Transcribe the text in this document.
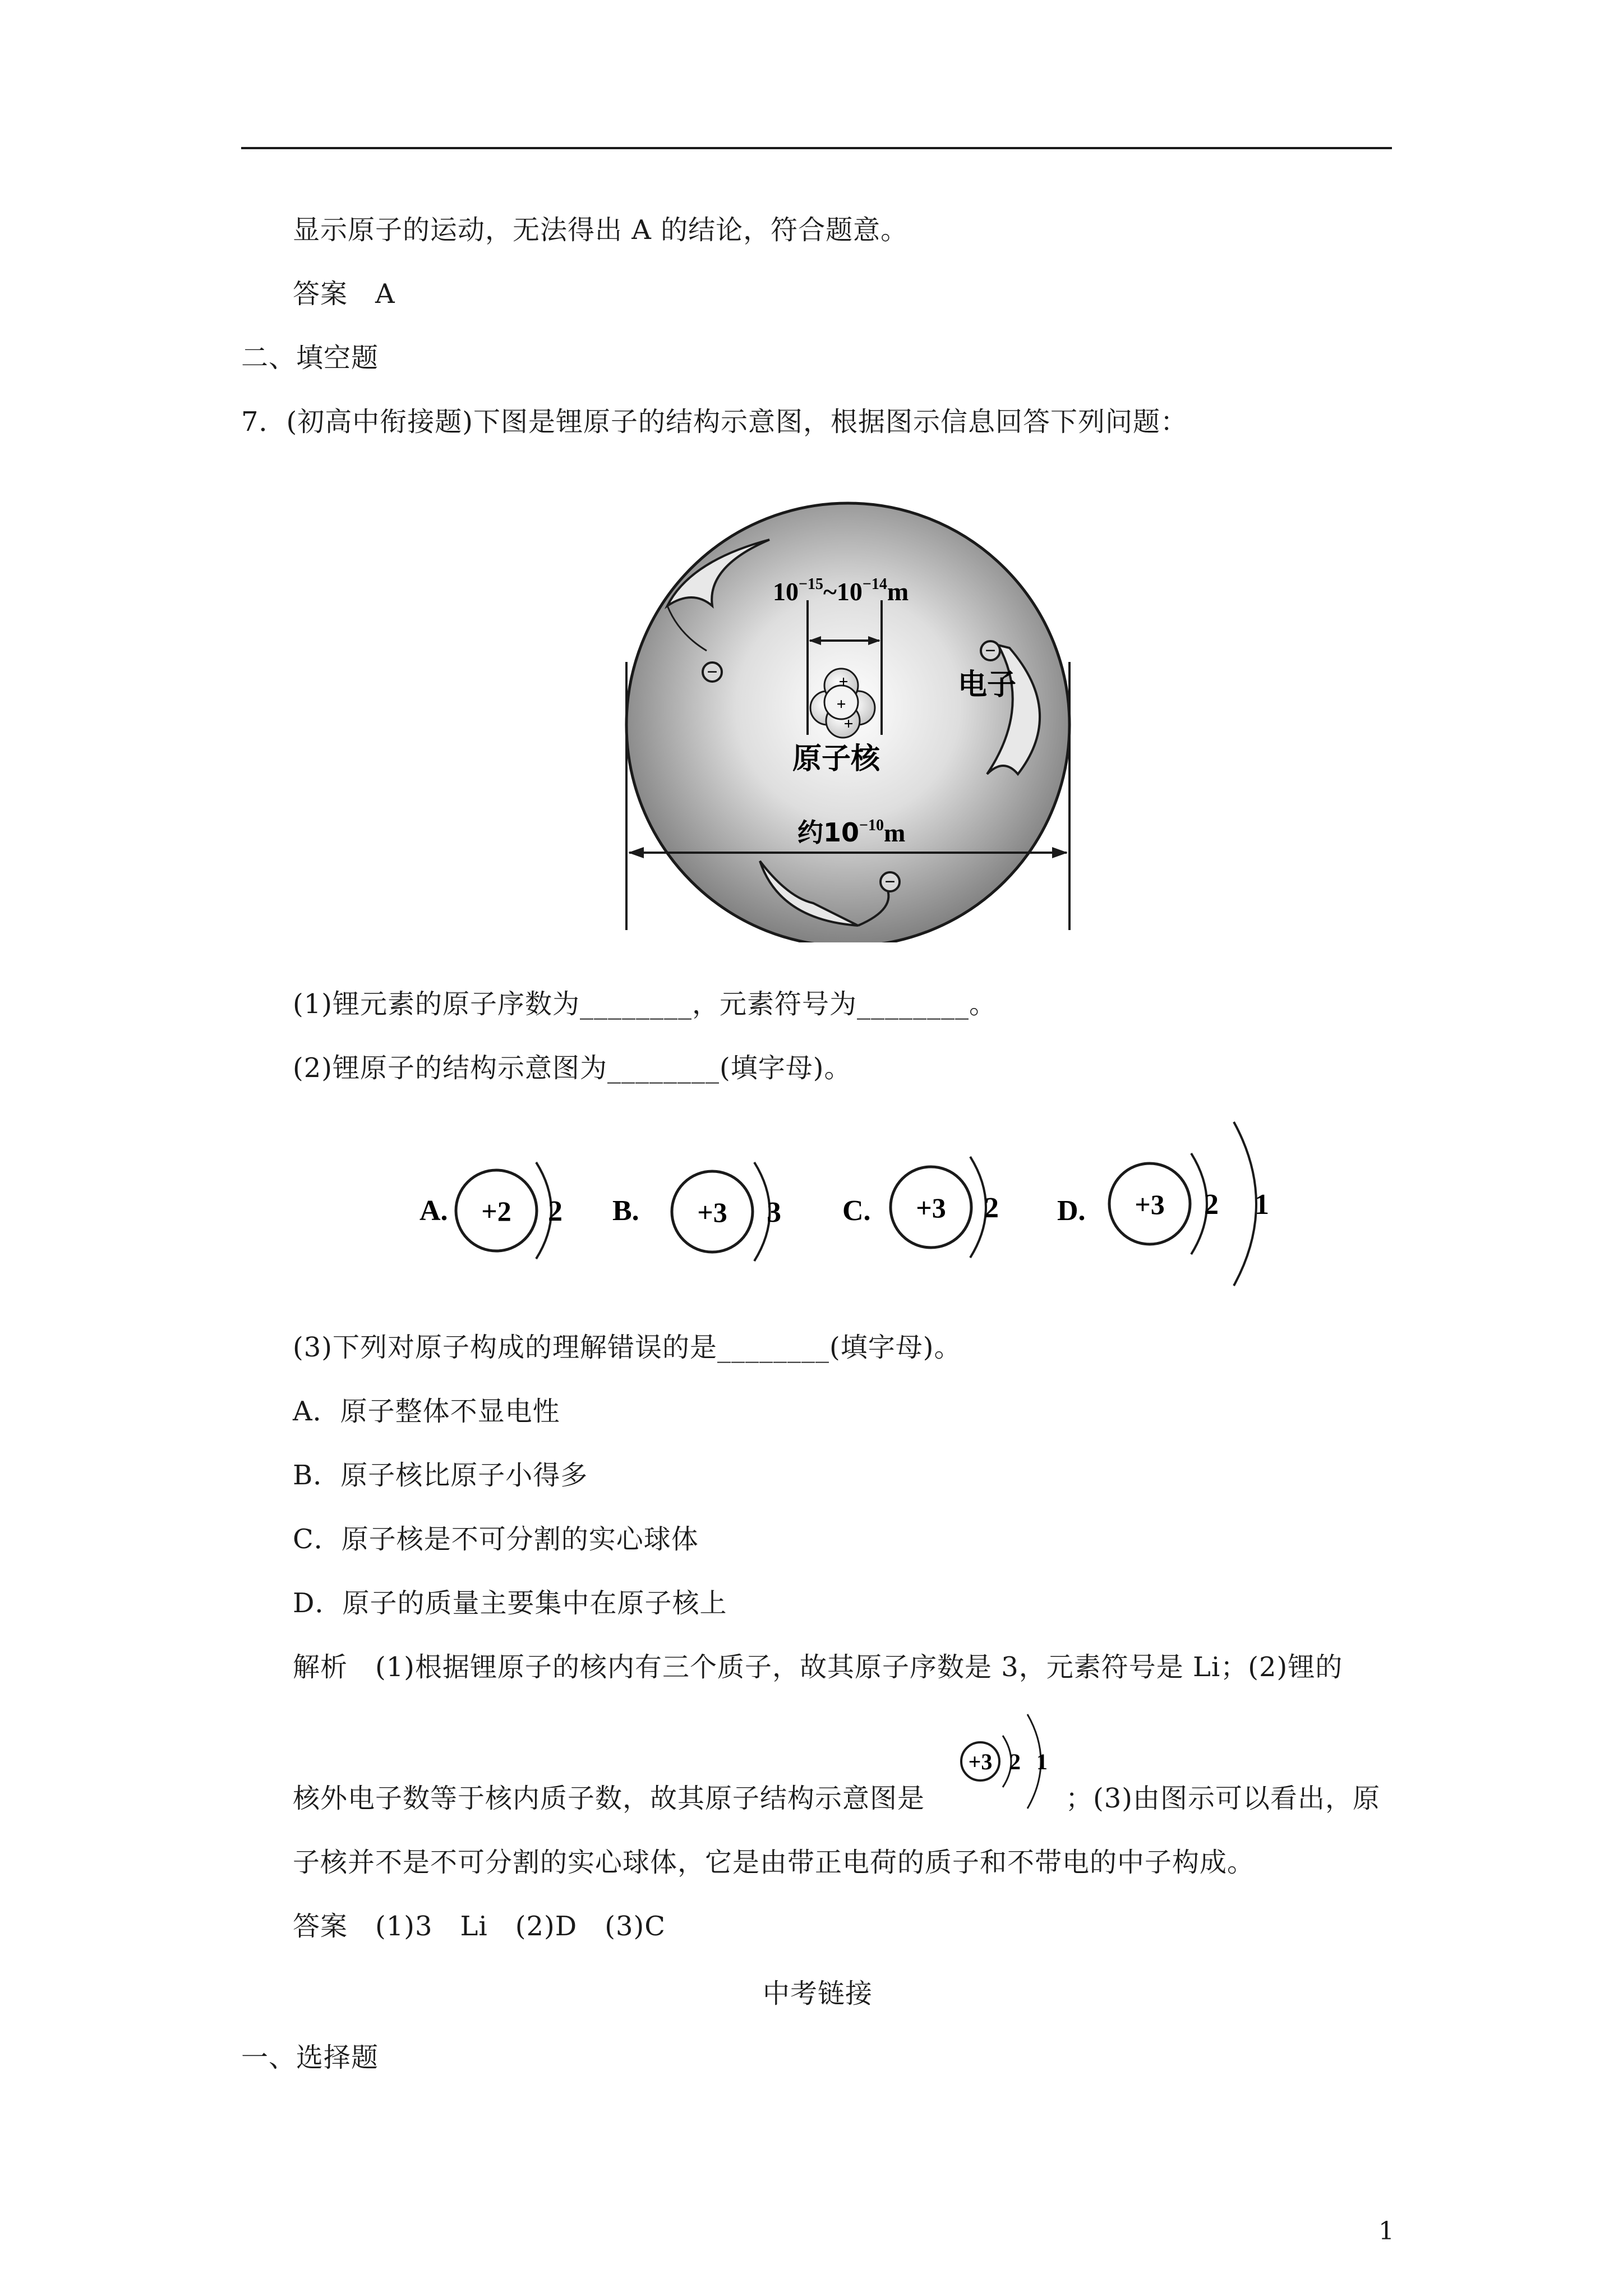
显示原子的运动，无法得出 A 的结论，符合题意。
答案　A
二、填空题
7．(初高中衔接题)下图是锂原子的结构示意图，根据图示信息回答下列问题：
+
+
+
−
−
−
$10^{-15}\sim 10^{-14}m$
电子
原子核
约$10^{-10}m$
(1)锂元素的原子序数为________，元素符号为________。
(2)锂原子的结构示意图为________(填字母)。
A. +2 2 B. +3 3 C. +3 2 D. +3 2 1
(3)下列对原子构成的理解错误的是________(填字母)。
A．原子整体不显电性
B．原子核比原子小得多
C．原子核是不可分割的实心球体
D．原子的质量主要集中在原子核上
解析　(1)根据锂原子的核内有三个质子，故其原子序数是 3，元素符号是 Li；(2)锂的
核外电子数等于核内质子数，故其原子结构示意图是
+3 2 1
；(3)由图示可以看出，原
子核并不是不可分割的实心球体，它是由带正电荷的质子和不带电的中子构成。
答案　(1)3　Li　(2)D　(3)C
中考链接
一、选择题
1
